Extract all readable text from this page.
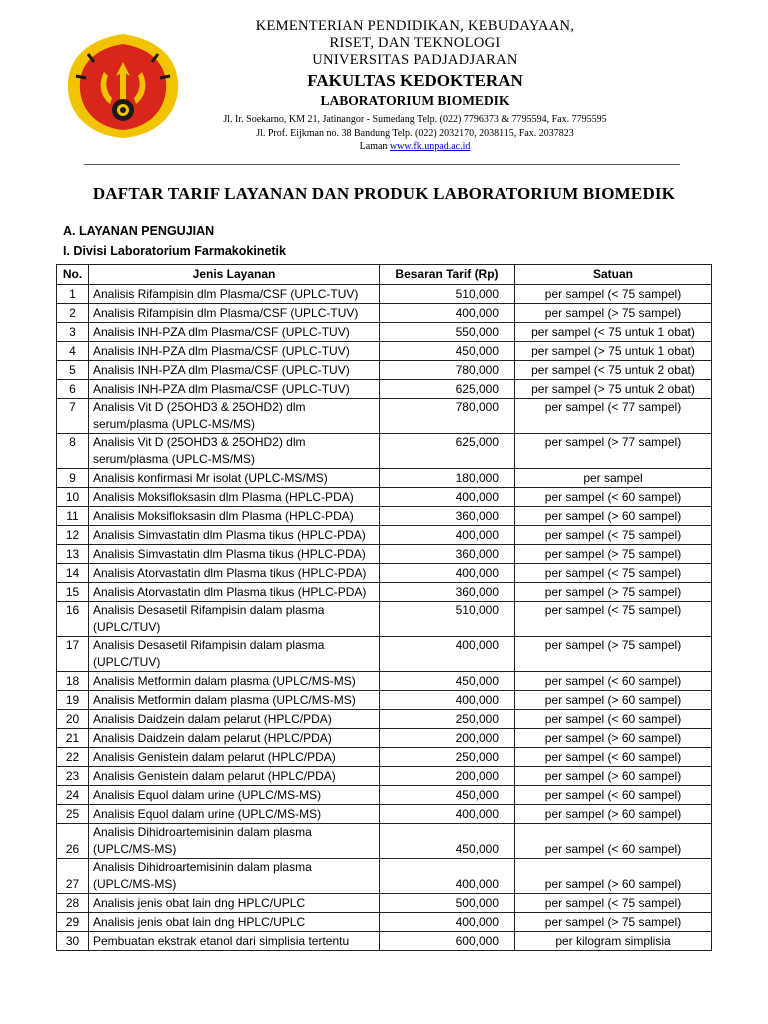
KEMENTERIAN PENDIDIKAN, KEBUDAYAAN,
RISET, DAN TEKNOLOGI
UNIVERSITAS PADJADJARAN
FAKULTAS KEDOKTERAN
LABORATORIUM BIOMEDIK
Jl. Ir. Soekarno, KM 21, Jatinangor - Sumedang Telp. (022) 7796373 & 7795594, Fax. 7795595
Jl. Prof. Eijkman no. 38 Bandung Telp. (022) 2032170, 2038115, Fax. 2037823
Laman www.fk.unpad.ac.id
DAFTAR TARIF LAYANAN DAN PRODUK LABORATORIUM BIOMEDIK
A. LAYANAN PENGUJIAN
I. Divisi Laboratorium Farmakokinetik
No.	Jenis Layanan	Besaran Tarif (Rp)	Satuan
1	Analisis Rifampisin dlm Plasma/CSF (UPLC-TUV)	510,000	per sampel (< 75 sampel)
2	Analisis Rifampisin dlm Plasma/CSF (UPLC-TUV)	400,000	per sampel (> 75 sampel)
3	Analisis INH-PZA dlm Plasma/CSF (UPLC-TUV)	550,000	per sampel (< 75 untuk 1 obat)
4	Analisis INH-PZA dlm Plasma/CSF (UPLC-TUV)	450,000	per sampel (> 75 untuk 1 obat)
5	Analisis INH-PZA dlm Plasma/CSF (UPLC-TUV)	780,000	per sampel (< 75 untuk 2 obat)
6	Analisis INH-PZA dlm Plasma/CSF (UPLC-TUV)	625,000	per sampel (> 75 untuk 2 obat)
7	Analisis Vit D (25OHD3 & 25OHD2) dlm serum/plasma (UPLC-MS/MS)	780,000	per sampel (< 77 sampel)
8	Analisis Vit D (25OHD3 & 25OHD2) dlm serum/plasma (UPLC-MS/MS)	625,000	per sampel (> 77 sampel)
9	Analisis konfirmasi Mr isolat (UPLC-MS/MS)	180,000	per sampel
10	Analisis Moksifloksasin dlm Plasma (HPLC-PDA)	400,000	per sampel (< 60 sampel)
11	Analisis Moksifloksasin dlm Plasma (HPLC-PDA)	360,000	per sampel (> 60 sampel)
12	Analisis Simvastatin dlm Plasma tikus (HPLC-PDA)	400,000	per sampel (< 75 sampel)
13	Analisis Simvastatin dlm Plasma tikus (HPLC-PDA)	360,000	per sampel (> 75 sampel)
14	Analisis Atorvastatin dlm Plasma tikus (HPLC-PDA)	400,000	per sampel (< 75 sampel)
15	Analisis Atorvastatin dlm Plasma tikus (HPLC-PDA)	360,000	per sampel (> 75 sampel)
16	Analisis Desasetil Rifampisin dalam plasma (UPLC/TUV)	510,000	per sampel (< 75 sampel)
17	Analisis Desasetil Rifampisin dalam plasma (UPLC/TUV)	400,000	per sampel (> 75 sampel)
18	Analisis Metformin dalam plasma (UPLC/MS-MS)	450,000	per sampel (< 60 sampel)
19	Analisis Metformin dalam plasma (UPLC/MS-MS)	400,000	per sampel (> 60 sampel)
20	Analisis Daidzein dalam pelarut (HPLC/PDA)	250,000	per sampel (< 60 sampel)
21	Analisis Daidzein dalam pelarut (HPLC/PDA)	200,000	per sampel (> 60 sampel)
22	Analisis Genistein dalam pelarut (HPLC/PDA)	250,000	per sampel (< 60 sampel)
23	Analisis Genistein dalam pelarut (HPLC/PDA)	200,000	per sampel (> 60 sampel)
24	Analisis Equol dalam urine (UPLC/MS-MS)	450,000	per sampel (< 60 sampel)
25	Analisis Equol dalam urine (UPLC/MS-MS)	400,000	per sampel (> 60 sampel)
26	Analisis Dihidroartemisinin dalam plasma (UPLC/MS-MS)	450,000	per sampel (< 60 sampel)
27	Analisis Dihidroartemisinin dalam plasma (UPLC/MS-MS)	400,000	per sampel (> 60 sampel)
28	Analisis jenis obat lain dng HPLC/UPLC	500,000	per sampel (< 75 sampel)
29	Analisis jenis obat lain dng HPLC/UPLC	400,000	per sampel (> 75 sampel)
30	Pembuatan ekstrak etanol dari simplisia tertentu	600,000	per kilogram simplisia
